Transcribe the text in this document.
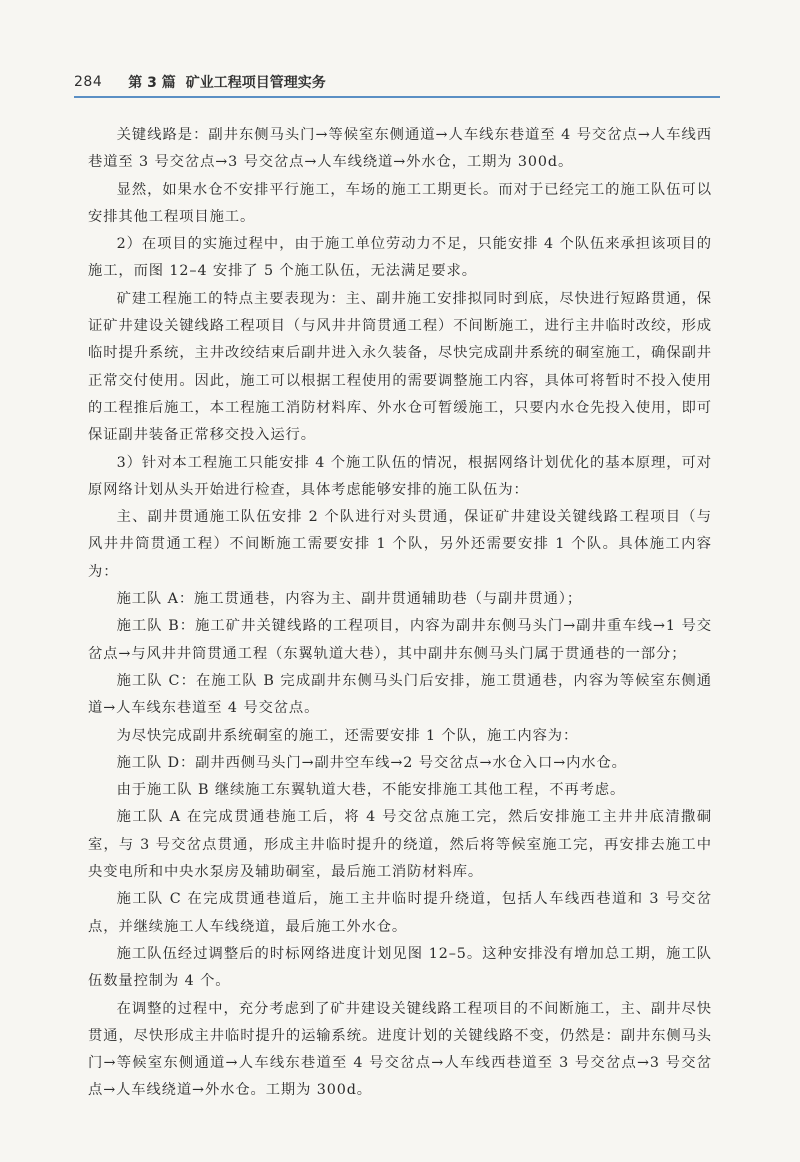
284 第 3 篇 矿业工程项目管理实务

关键线路是：副井东侧马头门→等候室东侧通道→人车线东巷道至 4 号交岔点→人车线西巷道至 3 号交岔点→3 号交岔点→人车线绕道→外水仓，工期为 300d。

显然，如果水仓不安排平行施工，车场的施工工期更长。而对于已经完工的施工队伍可以安排其他工程项目施工。

2）在项目的实施过程中，由于施工单位劳动力不足，只能安排 4 个队伍来承担该项目的施工，而图 12–4 安排了 5 个施工队伍，无法满足要求。

矿建工程施工的特点主要表现为：主、副井施工安排拟同时到底，尽快进行短路贯通，保证矿井建设关键线路工程项目（与风井井筒贯通工程）不间断施工，进行主井临时改绞，形成临时提升系统，主井改绞结束后副井进入永久装备，尽快完成副井系统的硐室施工，确保副井正常交付使用。因此，施工可以根据工程使用的需要调整施工内容，具体可将暂时不投入使用的工程推后施工，本工程施工消防材料库、外水仓可暂缓施工，只要内水仓先投入使用，即可保证副井装备正常移交投入运行。

3）针对本工程施工只能安排 4 个施工队伍的情况，根据网络计划优化的基本原理，可对原网络计划从头开始进行检查，具体考虑能够安排的施工队伍为：

主、副井贯通施工队伍安排 2 个队进行对头贯通，保证矿井建设关键线路工程项目（与风井井筒贯通工程）不间断施工需要安排 1 个队，另外还需要安排 1 个队。具体施工内容为：

施工队 A：施工贯通巷，内容为主、副井贯通辅助巷（与副井贯通）；

施工队 B：施工矿井关键线路的工程项目，内容为副井东侧马头门→副井重车线→1 号交岔点→与风井井筒贯通工程（东翼轨道大巷），其中副井东侧马头门属于贯通巷的一部分；

施工队 C：在施工队 B 完成副井东侧马头门后安排，施工贯通巷，内容为等候室东侧通道→人车线东巷道至 4 号交岔点。

为尽快完成副井系统硐室的施工，还需要安排 1 个队，施工内容为：

施工队 D：副井西侧马头门→副井空车线→2 号交岔点→水仓入口→内水仓。

由于施工队 B 继续施工东翼轨道大巷，不能安排施工其他工程，不再考虑。

施工队 A 在完成贯通巷施工后，将 4 号交岔点施工完，然后安排施工主井井底清撒硐室，与 3 号交岔点贯通，形成主井临时提升的绕道，然后将等候室施工完，再安排去施工中央变电所和中央水泵房及辅助硐室，最后施工消防材料库。

施工队 C 在完成贯通巷道后，施工主井临时提升绕道，包括人车线西巷道和 3 号交岔点，并继续施工人车线绕道，最后施工外水仓。

施工队伍经过调整后的时标网络进度计划见图 12–5。这种安排没有增加总工期，施工队伍数量控制为 4 个。

在调整的过程中，充分考虑到了矿井建设关键线路工程项目的不间断施工，主、副井尽快贯通，尽快形成主井临时提升的运输系统。进度计划的关键线路不变，仍然是：副井东侧马头门→等候室东侧通道→人车线东巷道至 4 号交岔点→人车线西巷道至 3 号交岔点→3 号交岔点→人车线绕道→外水仓。工期为 300d。
